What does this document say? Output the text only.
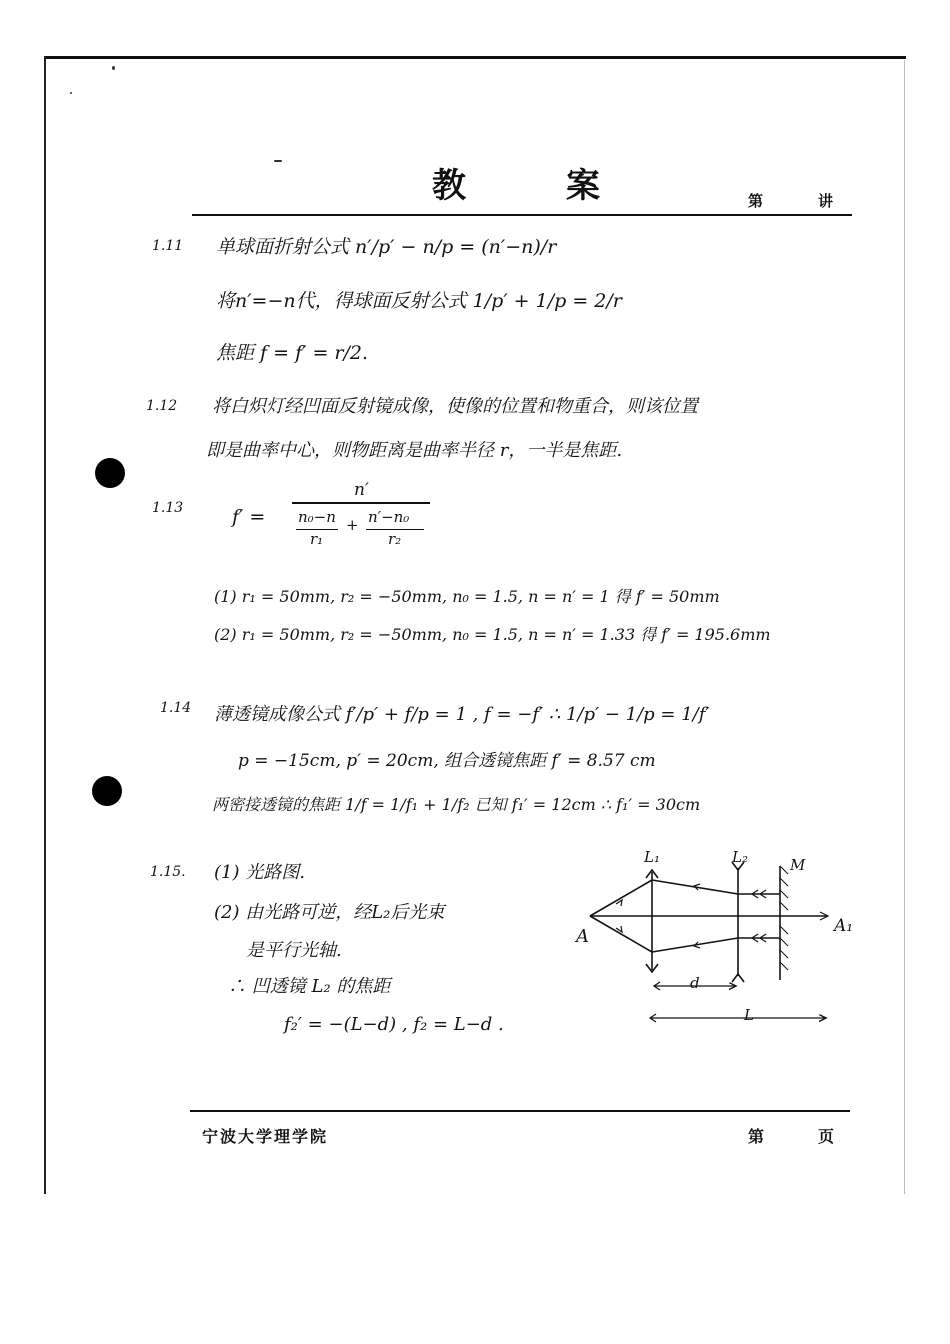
教	案	第	讲
1.11 单球面折射公式 n′/p′ − n/p = (n′−n)/r
将n′=−n代，得球面反射公式 1/p′ + 1/p = 2/r
焦距 f = f′ = r/2.
1.12 将白炽灯经凹面反射镜成像，使像的位置和物重合，则该位置
即是曲率中心，则物距离是曲率半径 r，一半是焦距.
1.13	f′ =
n′
n₀−n
r₁
+ n′−n₀
r₂
(1) r₁ = 50mm, r₂ = −50mm, n₀ = 1.5, n = n′ = 1 得 f′ = 50mm
(2) r₁ = 50mm, r₂ = −50mm, n₀ = 1.5, n = n′ = 1.33 得 f′ = 195.6mm
1.14 薄透镜成像公式 f′/p′ + f/p = 1 , f = −f′ ∴ 1/p′ − 1/p = 1/f′
p = −15cm, p′ = 20cm, 组合透镜焦距 f′ = 8.57 cm
两密接透镜的焦距 1/f = 1/f₁ + 1/f₂ 已知 f₁′ = 12cm ∴ f₁′ = 30cm
1.15. (1) 光路图.
(2) 由光路可逆，经L₂后光束
是平行光轴.
∴ 凹透镜 L₂ 的焦距
f₂′ = −(L−d) , f₂ = L−d .
L₁	L₂	M
A	A₁
d
L
宁波大学理学院	第	页
